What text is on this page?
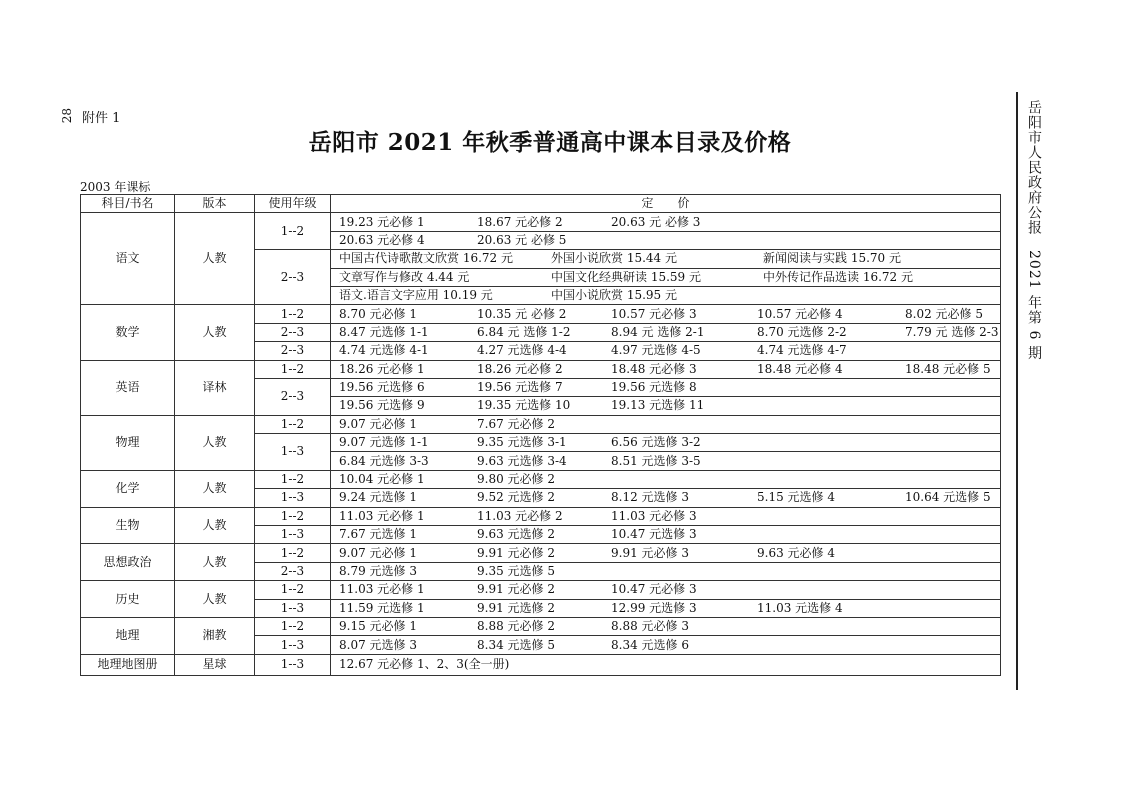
28 附件 1
岳阳市 2021 年秋季普通高中课本目录及价格
2003 年课标	岳阳市人民政府公报　2021 年第 6 期
科目/书名	版本	使用年级	定　　价
语文	人教	1--2	19.23 元必修 1 18.67 元必修 2 20.63 元 必修 3
			20.63 元必修 4 20.63 元 必修 5
		2--3	中国古代诗歌散文欣赏 16.72 元 外国小说欣赏 15.44 元 新闻阅读与实践 15.70 元
			文章写作与修改 4.44 元 中国文化经典研读 15.59 元 中外传记作品选读 16.72 元
			语文.语言文字应用 10.19 元 中国小说欣赏 15.95 元
数学	人教	1--2	8.70 元必修 1 10.35 元 必修 2 10.57 元必修 3 10.57 元必修 4 8.02 元必修 5
		2--3	8.47 元选修 1-1 6.84 元 选修 1-2 8.94 元 选修 2-1 8.70 元选修 2-2 7.79 元 选修 2-3
		2--3	4.74 元选修 4-1 4.27 元选修 4-4 4.97 元选修 4-5 4.74 元选修 4-7
英语	译林	1--2	18.26 元必修 1 18.26 元必修 2 18.48 元必修 3 18.48 元必修 4 18.48 元必修 5
		2--3	19.56 元选修 6 19.56 元选修 7 19.56 元选修 8
			19.56 元选修 9 19.35 元选修 10 19.13 元选修 11
物理	人教	1--2	9.07 元必修 1 7.67 元必修 2
		1--3	9.07 元选修 1-1 9.35 元选修 3-1 6.56 元选修 3-2
			6.84 元选修 3-3 9.63 元选修 3-4 8.51 元选修 3-5
化学	人教	1--2	10.04 元必修 1 9.80 元必修 2
		1--3	9.24 元选修 1 9.52 元选修 2 8.12 元选修 3 5.15 元选修 4 10.64 元选修 5
生物	人教	1--2	11.03 元必修 1 11.03 元必修 2 11.03 元必修 3
		1--3	7.67 元选修 1 9.63 元选修 2 10.47 元选修 3
思想政治	人教	1--2	9.07 元必修 1 9.91 元必修 2 9.91 元必修 3 9.63 元必修 4
		2--3	8.79 元选修 3 9.35 元选修 5
历史	人教	1--2	11.03 元必修 1 9.91 元必修 2 10.47 元必修 3
		1--3	11.59 元选修 1 9.91 元选修 2 12.99 元选修 3 11.03 元选修 4
地理	湘教	1--2	9.15 元必修 1 8.88 元必修 2 8.88 元必修 3
		1--3	8.07 元选修 3 8.34 元选修 5 8.34 元选修 6
地理地图册	星球	1--3	12.67 元必修 1、2、3(全一册)
